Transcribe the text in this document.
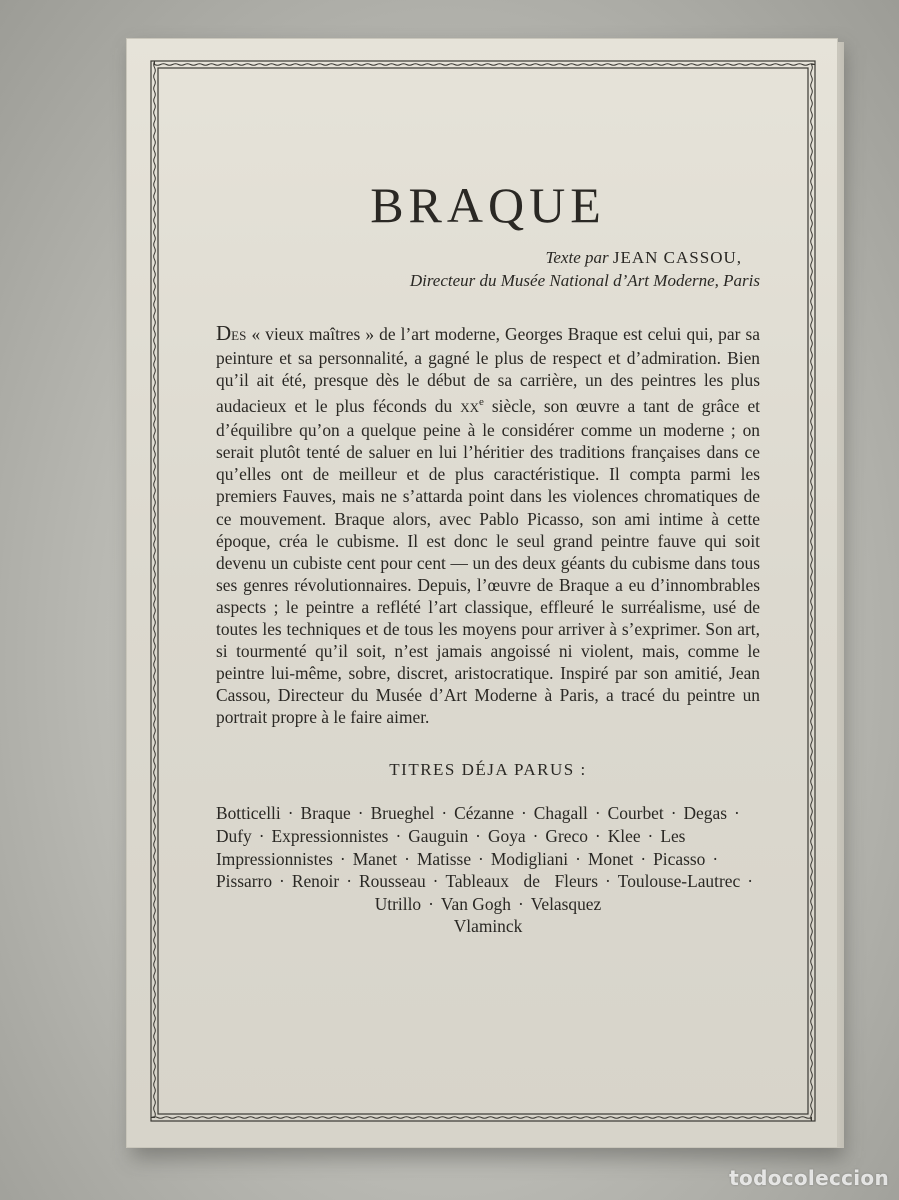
BRAQUE
Texte par JEAN CASSOU,
Directeur du Musée National d’Art Moderne, Paris
DES « vieux maîtres » de l’art moderne, Georges Braque est celui qui, par sa peinture et sa personnalité, a gagné le plus de respect et d’admiration. Bien qu’il ait été, presque dès le début de sa carrière, un des peintres les plus audacieux et le plus féconds du XXe siècle, son œuvre a tant de grâce et d’équilibre qu’on a quelque peine à le considérer comme un moderne ; on serait plutôt tenté de saluer en lui l’héritier des traditions françaises dans ce qu’elles ont de meilleur et de plus caractéristique. Il compta parmi les premiers Fauves, mais ne s’attarda point dans les violences chromatiques de ce mouvement. Braque alors, avec Pablo Picasso, son ami intime à cette époque, créa le cubisme. Il est donc le seul grand peintre fauve qui soit devenu un cubiste cent pour cent — un des deux géants du cubisme dans tous ses genres révolutionnaires. Depuis, l’œuvre de Braque a eu d’innombrables aspects ; le peintre a reflété l’art classique, effleuré le surréalisme, usé de toutes les techniques et de tous les moyens pour arriver à s’exprimer. Son art, si tourmenté qu’il soit, n’est jamais angoissé ni violent, mais, comme le peintre lui-même, sobre, discret, aristocratique. Inspiré par son amitié, Jean Cassou, Directeur du Musée d’Art Moderne à Paris, a tracé du peintre un portrait propre à le faire aimer.
TITRES DÉJA PARUS :
Botticelli · Braque · Brueghel · Cézanne · Chagall · Courbet · Degas ·Dufy · Expressionnistes · Gauguin · Goya · Greco · Klee · Les Impressionnistes · Manet · Matisse · Modigliani · Monet · Picasso ·Pissarro · Renoir · Rousseau · Tableaux de Fleurs · Toulouse-Lautrec ·Utrillo · Van Gogh · Velasquez
Vlaminck
todocoleccion
